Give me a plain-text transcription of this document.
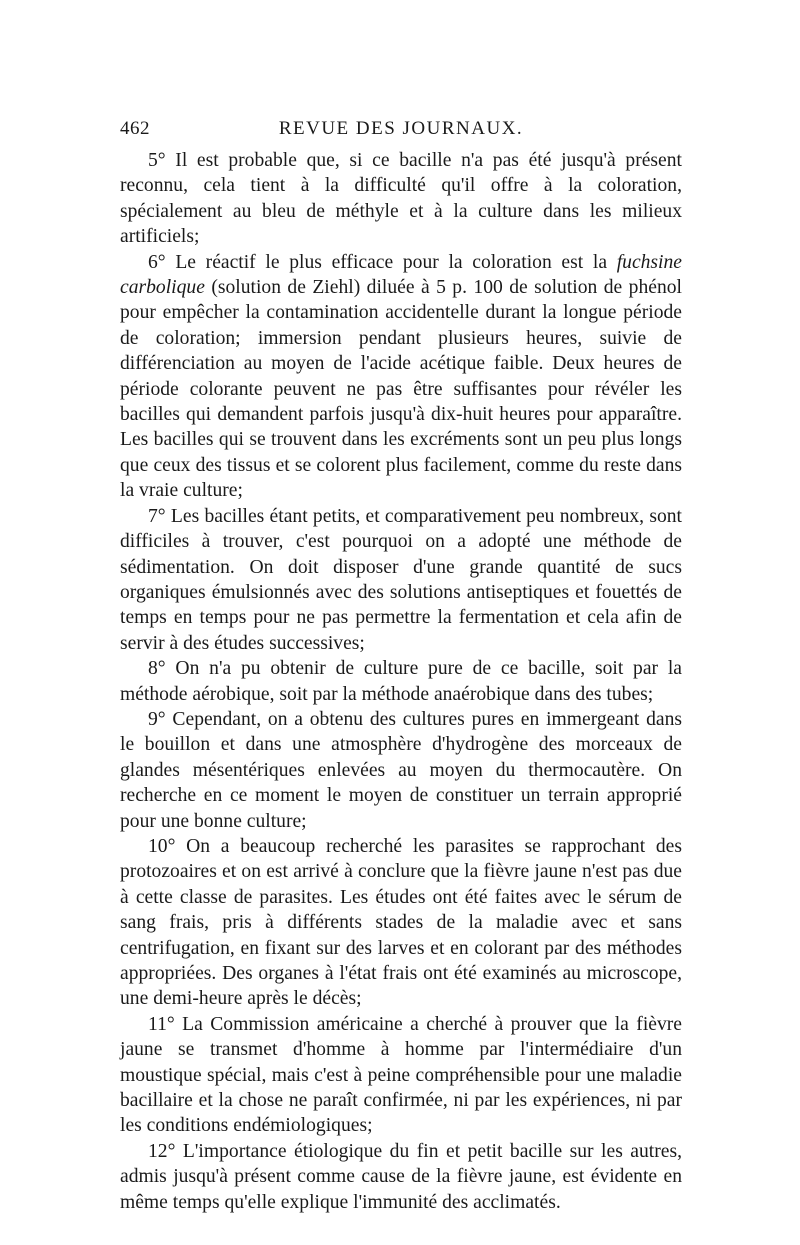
462	REVUE DES JOURNAUX.

5° Il est probable que, si ce bacille n'a pas été jusqu'à présent reconnu, cela tient à la difficulté qu'il offre à la coloration, spécialement au bleu de méthyle et à la culture dans les milieux artificiels;

6° Le réactif le plus efficace pour la coloration est la fuchsine carbolique (solution de Ziehl) diluée à 5 p. 100 de solution de phénol pour empêcher la contamination accidentelle durant la longue période de coloration; immersion pendant plusieurs heures, suivie de différenciation au moyen de l'acide acétique faible. Deux heures de période colorante peuvent ne pas être suffisantes pour révéler les bacilles qui demandent parfois jusqu'à dix-huit heures pour apparaître. Les bacilles qui se trouvent dans les excréments sont un peu plus longs que ceux des tissus et se colorent plus facilement, comme du reste dans la vraie culture;

7° Les bacilles étant petits, et comparativement peu nombreux, sont difficiles à trouver, c'est pourquoi on a adopté une méthode de sédimentation. On doit disposer d'une grande quantité de sucs organiques émulsionnés avec des solutions antiseptiques et fouettés de temps en temps pour ne pas permettre la fermentation et cela afin de servir à des études successives;

8° On n'a pu obtenir de culture pure de ce bacille, soit par la méthode aérobique, soit par la méthode anaérobique dans des tubes;

9° Cependant, on a obtenu des cultures pures en immergeant dans le bouillon et dans une atmosphère d'hydrogène des morceaux de glandes mésentériques enlevées au moyen du thermocautère. On recherche en ce moment le moyen de constituer un terrain approprié pour une bonne culture;

10° On a beaucoup recherché les parasites se rapprochant des protozoaires et on est arrivé à conclure que la fièvre jaune n'est pas due à cette classe de parasites. Les études ont été faites avec le sérum de sang frais, pris à différents stades de la maladie avec et sans centrifugation, en fixant sur des larves et en colorant par des méthodes appropriées. Des organes à l'état frais ont été examinés au microscope, une demi-heure après le décès;

11° La Commission américaine a cherché à prouver que la fièvre jaune se transmet d'homme à homme par l'intermédiaire d'un moustique spécial, mais c'est à peine compréhensible pour une maladie bacillaire et la chose ne paraît confirmée, ni par les expériences, ni par les conditions endémiologiques;

12° L'importance étiologique du fin et petit bacille sur les autres, admis jusqu'à présent comme cause de la fièvre jaune, est évidente en même temps qu'elle explique l'immunité des acclimatés.
